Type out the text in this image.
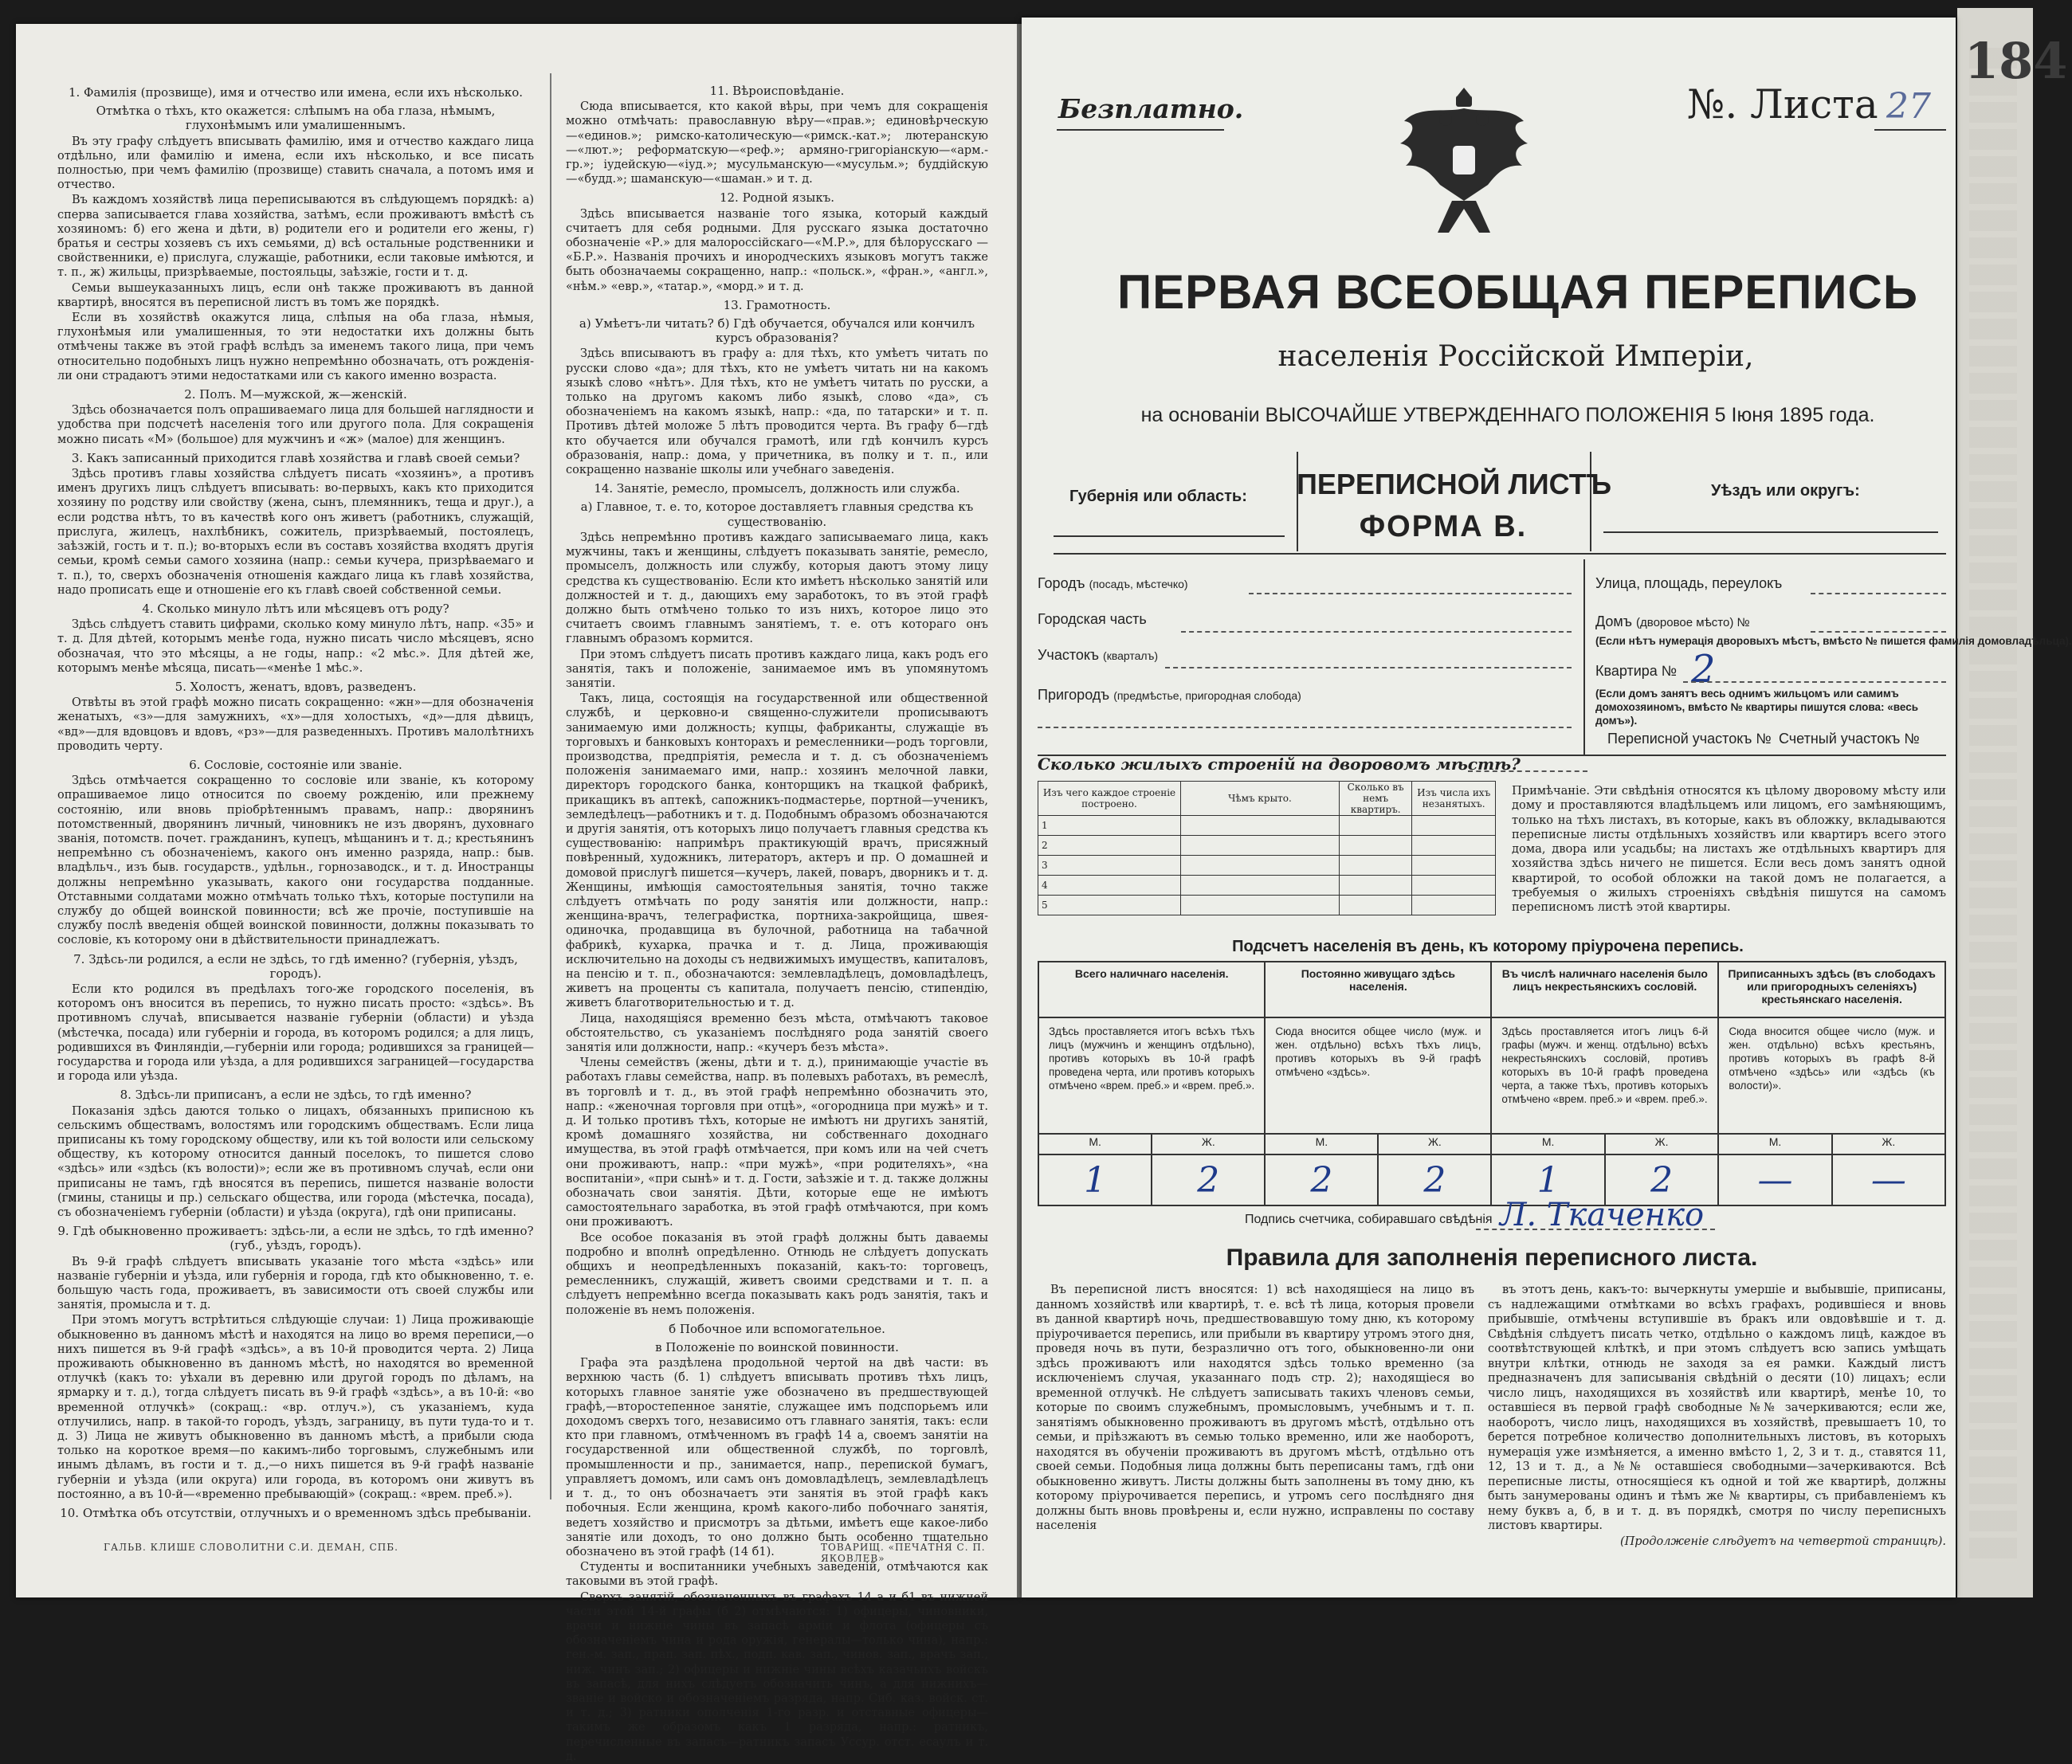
1. Фамилія (прозвище), имя и отчество или имена, если ихъ нѣсколько.
Отмѣтка о тѣхъ, кто окажется: слѣпымъ на оба глаза, нѣмымъ, глухонѣмымъ или умалишеннымъ.

Въ эту графу слѣдуетъ вписывать фамилію, имя и отчество каждаго лица отдѣльно, или фамилію и имена, если ихъ нѣсколько, и все писать полностью, при чемъ фамилію (прозвище) ставить сначала, а потомъ имя и отчество.

Въ каждомъ хозяйствѣ лица переписываются въ слѣдующемъ порядкѣ: а) сперва записывается глава хозяйства, затѣмъ, если проживаютъ вмѣстѣ съ хозяиномъ: б) его жена и дѣти, в) родители его и родители его жены, г) братья и сестры хозяевъ съ ихъ семьями, д) всѣ остальные родственники и свойственники, е) прислуга, служащіе, работники, если таковые имѣются, и т. п., ж) жильцы, призрѣваемые, постояльцы, заѣзжіе, гости и т. д.

Семьи вышеуказанныхъ лицъ, если онѣ также проживаютъ въ данной квартирѣ, вносятся въ переписной листъ въ томъ же порядкѣ.

Если въ хозяйствѣ окажутся лица, слѣпыя на оба глаза, нѣмыя, глухонѣмыя или умалишенныя, то эти недостатки ихъ должны быть отмѣчены также въ этой графѣ вслѣдъ за именемъ такого лица, при чемъ относительно подобныхъ лицъ нужно непремѣнно обозначать, отъ рожденія-ли они страдаютъ этими недостатками или съ какого именно возраста.

2. Полъ. М—мужской, ж—женскій.

Здѣсь обозначается полъ опрашиваемаго лица для большей наглядности и удобства при подсчетѣ населенія того или другого пола. Для сокращенія можно писать «М» (большое) для мужчинъ и «ж» (малое) для женщинъ.

3. Какъ записанный приходится главѣ хозяйства и главѣ своей семьи?

Здѣсь противъ главы хозяйства слѣдуетъ писать «хозяинъ», а противъ именъ другихъ лицъ слѣдуетъ вписывать: во-первыхъ, какъ кто приходится хозяину по родству или свойству (жена, сынъ, племянникъ, теща и друг.), а если родства нѣтъ, то въ качествѣ кого онъ живетъ (работникъ, служащій, прислуга, жилецъ, нахлѣбникъ, сожитель, призрѣваемый, постоялецъ, заѣзжій, гость и т. п.); во-вторыхъ если въ составъ хозяйства входятъ другія семьи, кромѣ семьи самого хозяина (напр.: семьи кучера, призрѣваемаго и т. п.), то, сверхъ обозначенія отношенія каждаго лица къ главѣ хозяйства, надо прописать еще и отношеніе его къ главѣ своей собственной семьи.

4. Сколько минуло лѣтъ или мѣсяцевъ отъ роду?

Здѣсь слѣдуетъ ставить цифрами, сколько кому минуло лѣтъ, напр. «35» и т. д. Для дѣтей, которымъ менѣе года, нужно писать число мѣсяцевъ, ясно обозначая, что это мѣсяцы, а не годы, напр.: «2 мѣс.». Для дѣтей же, которымъ менѣе мѣсяца, писать—«менѣе 1 мѣс.».

5. Холостъ, женатъ, вдовъ, разведенъ.

Отвѣты въ этой графѣ можно писать сокращенно: «жн»—для обозначенія женатыхъ, «з»—для замужнихъ, «х»—для холостыхъ, «д»—для дѣвицъ, «вд»—для вдовцовъ и вдовъ, «рз»—для разведенныхъ. Противъ малолѣтнихъ проводить черту.

6. Сословіе, состояніе или званіе.

Здѣсь отмѣчается сокращенно то сословіе или званіе, къ которому опрашиваемое лицо относится по своему рожденію, или прежнему состоянію, или вновь пріобрѣтеннымъ правамъ, напр.: дворянинъ потомственный, дворянинъ личный, чиновникъ не изъ дворянъ, духовнаго званія, потомств. почет. гражданинъ, купецъ, мѣщанинъ и т. д.; крестьянинъ непремѣнно съ обозначеніемъ, какого онъ именно разряда, напр.: быв. владѣльч., изъ быв. государств., удѣльн., горнозаводск., и т. д. Иностранцы должны непремѣнно указывать, какого они государства подданные. Отставными солдатами можно отмѣчать только тѣхъ, которые поступили на службу до общей воинской повинности; всѣ же прочіе, поступившіе на службу послѣ введенія общей воинской повинности, должны показывать то сословіе, къ которому они в дѣйствительности принадлежатъ.

7. Здѣсь-ли родился, а если не здѣсь, то гдѣ именно? (губернія, уѣздъ, городъ).

Если кто родился въ предѣлахъ того-же городского поселенія, въ которомъ онъ вносится въ перепись, то нужно писать просто: «здѣсь». Въ противномъ случаѣ, вписывается названіе губерніи (области) и уѣзда (мѣстечка, посада) или губерніи и города, въ которомъ родился; а для лицъ, родившихся въ Финляндіи,—губерніи или города; родившихся за границей—государства и города или уѣзда, а для родившихся заграницей—государства и города или уѣзда.

8. Здѣсь-ли приписанъ, а если не здѣсь, то гдѣ именно?

Показанія здѣсь даются только о лицахъ, обязанныхъ приписною къ сельскимъ обществамъ, волостямъ или городскимъ обществамъ. Если лица приписаны къ тому городскому обществу, или къ той волости или сельскому обществу, къ которому относится данный поселокъ, то пишется слово «здѣсь» или «здѣсь (къ волости)»; если же въ противномъ случаѣ, если они приписаны не тамъ, гдѣ вносятся въ перепись, пишется названіе волости (гмины, станицы и пр.) сельскаго общества, или города (мѣстечка, посада), съ обозначеніемъ губерніи (области) и уѣзда (округа), гдѣ они приписаны.

9. Гдѣ обыкновенно проживаетъ: здѣсь-ли, а если не здѣсь, то гдѣ именно? (губ., уѣздъ, городъ).

Въ 9-й графѣ слѣдуетъ вписывать указаніе того мѣста «здѣсь» или названіе губерніи и уѣзда, или губернія и города, гдѣ кто обыкновенно, т. е. большую часть года, проживаетъ, въ зависимости отъ своей службы или занятія, промысла и т. д.

При этомъ могутъ встрѣтиться слѣдующіе случаи: 1) Лица проживающіе обыкновенно въ данномъ мѣстѣ и находятся на лицо во время переписи,—о нихъ пишется въ 9-й графѣ «здѣсь», а въ 10-й проводится черта. 2) Лица проживають обыкновенно въ данномъ мѣстѣ, но находятся во временной отлучкѣ (какъ то: уѣхали въ деревню или другой городъ по дѣламъ, на ярмарку и т. д.), тогда слѣдуетъ писать въ 9-й графѣ «здѣсь», а въ 10-й: «во временной отлучкѣ» (сокращ.: «вр. отлуч.»), съ указаніемъ, куда отлучились, напр. в такой-то городъ, уѣздъ, заграницу, въ пути туда-то и т. д. 3) Лица не живутъ обыкновенно въ данномъ мѣстѣ, а прибыли сюда только на короткое время—по какимъ-либо торговымъ, служебнымъ или инымъ дѣламъ, въ гости и т. д.,—о нихъ пишется въ 9-й графѣ названіе губерніи и уѣзда (или округа) или города, въ которомъ они живутъ въ постоянно, а въ 10-й—«временно пребывающій» (сокращ.: «врем. преб.»).

10. Отмѣтка объ отсутствіи, отлучныхъ и о временномъ здѣсь пребываніи.
11. Вѣроисповѣданіе.

Сюда вписывается, кто какой вѣры, при чемъ для сокращенія можно отмѣчать: православную вѣру—«прав.»; единовѣрческую—«единов.»; римско-католическую—«римск.-кат.»; лютеранскую—«лют.»; реформатскую—«реф.»; армяно-григоріанскую—«арм.-гр.»; іудейскую—«іуд.»; мусульманскую—«мусульм.»; буддійскую—«будд.»; шаманскую—«шаман.» и т. д.

12. Родной языкъ.

Здѣсь вписывается названіе того языка, который каждый считаетъ для себя родными. Для русскаго языка достаточно обозначеніе «Р.» для малороссійскаго—«М.Р.», для бѣлорусскаго — «Б.Р.». Названія прочихъ и инородческихъ языковъ могутъ также быть обозначаемы сокращенно, напр.: «польск.», «фран.», «англ.», «нѣм.» «евр.», «татар.», «морд.» и т. д.

13. Грамотность.
а) Умѣетъ-ли читать? б) Гдѣ обучается, обучался или кончилъ курсъ образованія?

Здѣсь вписываютъ въ графу а: для тѣхъ, кто умѣетъ читать по русски слово «да»; для тѣхъ, кто не умѣетъ читать ни на какомъ языкѣ слово «нѣтъ». Для тѣхъ, кто не умѣетъ читать по русски, а только на другомъ какомъ либо языкѣ, слово «да», съ обозначеніемъ на какомъ языкѣ, напр.: «да, по татарски» и т. п. Противъ дѣтей моложе 5 лѣтъ проводится черта. Въ графу б—гдѣ кто обучается или обучался грамотѣ, или гдѣ кончилъ курсъ образованія, напр.: дома, у причетника, въ полку и т. п., или сокращенно названіе школы или учебнаго заведенія.

14. Занятіе, ремесло, промыселъ, должность или служба.
а) Главное, т. е. то, которое доставляетъ главныя средства къ существованію.

Здѣсь непремѣнно противъ каждаго записываемаго лица, какъ мужчины, такъ и женщины, слѣдуетъ показывать занятіе, ремесло, промыселъ, должность или службу, которыя даютъ этому лицу средства къ существованію. Если кто имѣетъ нѣсколько занятій или должностей и т. д., дающихъ ему заработокъ, то въ этой графѣ должно быть отмѣчено только то изъ нихъ, которое лицо это считаетъ своимъ главнымъ занятіемъ, т. е. отъ котораго онъ главнымъ образомъ кормится.

При этомъ слѣдуетъ писать противъ каждаго лица, какъ родъ его занятія, такъ и положеніе, занимаемое имъ въ упомянутомъ занятіи.

Такъ, лица, состоящія на государственной или общественной службѣ, и церковно-и священно-служители прописываютъ занимаемую ими должность; купцы, фабриканты, служащіе въ торговыхъ и банковыхъ конторахъ и ремесленники—родъ торговли, производства, предпріятія, ремесла и т. д. съ обозначеніемъ положенія занимаемаго ими, напр.: хозяинъ мелочной лавки, директоръ городского банка, конторщикъ на ткацкой фабрикѣ, прикащикъ въ аптекѣ, сапожникъ-подмастерье, портной—ученикъ, земледѣлецъ—работникъ и т. д. Подобнымъ образомъ обозначаются и другія занятія, отъ которыхъ лицо получаетъ главныя средства къ существованію: напримѣръ практикующій врачъ, присяжный повѣренный, художникъ, литераторъ, актеръ и пр. О домашней и домовой прислугѣ пишется—кучеръ, лакей, поваръ, дворникъ и т. д. Женщины, имѣющія самостоятельныя занятія, точно также слѣдуетъ отмѣчать по роду занятія или должности, напр.: женщина-врачъ, телеграфистка, портниха-закройщица, швея-одиночка, продавщица въ булочной, работница на табачной фабрикѣ, кухарка, прачка и т. д. Лица, проживающія исключительно на доходы съ недвижимыхъ имуществъ, капиталовъ, на пенсію и т. п., обозначаются: землевладѣлецъ, домовладѣлецъ, живетъ на проценты съ капитала, получаетъ пенсію, стипендію, живетъ благотворительностью и т. д.

Лица, находящіяся временно безъ мѣста, отмѣчаютъ таковое обстоятельство, съ указаніемъ послѣдняго рода занятій своего занятія или должности, напр.: «кучеръ безъ мѣста».

Члены семействъ (жены, дѣти и т. д.), принимающіе участіе въ работахъ главы семейства, напр. въ полевыхъ работахъ, въ ремеслѣ, въ торговлѣ и т. д., въ этой графѣ непремѣнно обозначить это, напр.: «женочная торговля при отцѣ», «огородница при мужѣ» и т. д. И только противъ тѣхъ, которые не имѣютъ ни другихъ занятій, кромѣ домашняго хозяйства, ни собственнаго доходнаго имущества, въ этой графѣ отмѣчается, при комъ или на чей счетъ они проживаютъ, напр.: «при мужѣ», «при родителяхъ», «на воспитаніи», «при сынѣ» и т. д. Гости, заѣзжіе и т. д. также должны обозначать свои занятія. Дѣти, которые еще не имѣютъ самостоятельнаго заработка, въ этой графѣ отмѣчаются, при комъ они проживаютъ.

Все особое показанія въ этой графѣ должны быть даваемы подробно и вполнѣ опредѣленно. Отнюдь не слѣдуетъ допускать общихъ и неопредѣленныхъ показаній, какъ-то: торговецъ, ремесленникъ, служащій, живетъ своими средствами и т. п. а слѣдуетъ непремѣнно всегда показывать какъ родъ занятія, такъ и положеніе въ немъ положенія.

б Побочное или вспомогательное.
в Положеніе по воинской повинности.

Графа эта раздѣлена продольной чертой на двѣ части: въ верхнюю часть (б. 1) слѣдуетъ вписывать противъ тѣхъ лицъ, которыхъ главное занятіе уже обозначено въ предшествующей графѣ,—второстепенное занятіе, служащее имъ подспорьемъ или доходомъ сверхъ того, независимо отъ главнаго занятія, такъ: если кто при главномъ, отмѣченномъ въ графѣ 14 а, своемъ занятіи на государственной или общественной службѣ, по торговлѣ, промышленности и пр., занимается, напр., перепиской бумагъ, управляетъ домомъ, или самъ онъ домовладѣлецъ, землевладѣлецъ и т. д., то онъ обозначаетъ эти занятія въ этой графѣ какъ побочныя. Если женщина, кромѣ какого-либо побочнаго занятія, ведетъ хозяйство и присмотръ за дѣтьми, имѣетъ еще какое-либо занятіе или доходъ, то оно должно быть особенно тщательно обозначено въ этой графѣ (14 б1).

Студенты и воспитанники учебныхъ заведеній, отмѣчаются как таковыми въ этой графѣ.

Сверхъ занятій, обозначенныхъ въ графахъ 14 а и б1 въ нижней части этой 14-й графы (б 2) отмѣчаются: 1) офицеры, чиновники, врачи и нижніе чины въ запасѣ арміи и флота (офицеры съ обозначеніемъ чина и рода оружія, генералы—только чина), напр.: ген.-м. зап., прап. зап. пѣх., подп. кав. зап., чинов. зап., врачъ зап., ниж. чинъ зап.; 2) офицеры и нижніе чины всѣхъ казачьихъ войскъ въ запасѣ, для нихъ слѣдуетъ обозначить чинъ, а для нижнихъ—званіе и войско и обозначеніемъ разряда, напр. Сиб. каз. войск. ст. и т. д.; 3) ратники ополченія 1-го разр. и отставные офицеры—такимъ же образомъ какъ 1 разряда, напр.: ратникъ, перечисленные въ запасъ—ратникъ запасъ Уссур. отст. есаулъ и т. д.

ГАЛЬВ. КЛИШЕ СЛОВОЛИТНИ С.И. ДЕМАН, СПБ.	ТОВАРИЩ. «ПЕЧАТНЯ С. П. ЯКОВЛЕВ»
Безплатно.	№. Листа 27
ПЕРВАЯ ВСЕОБЩАЯ ПЕРЕПИСЬ
населенія Россійской Имперіи,
на основаніи ВЫСОЧАЙШЕ УТВЕРЖДЕННАГО ПОЛОЖЕНІЯ 5 Іюня 1895 года.
Губернія или область: ПЕРЕПИСНОЙ ЛИСТЪ
ФОРМА В.
Уѣздъ или округъ:
Городъ (посадъ, мѣстечко)
Городская часть
Участокъ (кварталъ)
Пригородъ (предмѣстье, пригородная слобода)
Улица, площадь, переулокъ
Домъ (дворовое мѣсто) №
(Если нѣтъ нумерація дворовыхъ мѣстъ, вмѣсто № пишется фамилія домовладѣльца).
Квартира № 2
(Если домъ занятъ весь однимъ жильцомъ или самимъ домохозяиномъ, вмѣсто № квартиры пишутся слова: «весь домъ»).
Переписной участокъ № Счетный участокъ №
Сколько жилыхъ строеній на дворовомъ мѣстѣ?
Изъ чего каждое строеніе построено.	Чѣмъ крыто.	Сколько въ немъ квартиръ.	Изъ числа ихъ незанятыхъ.
1			
2			
3			
4			
5			
Примѣчаніе. Эти свѣдѣнія относятся къ цѣлому дворовому мѣсту или дому и проставляются владѣльцемъ или лицомъ, его замѣняющимъ, только на тѣхъ листахъ, въ которые, какъ въ обложку, вкладываются переписные листы отдѣльныхъ хозяйствъ или квартиръ всего этого дома, двора или усадьбы; на листахъ же отдѣльныхъ квартиръ для хозяйства здѣсь ничего не пишется. Если весь домъ занятъ одной квартирой, то особой обложки на такой домъ не полагается, а требуемыя о жилыхъ строеніяхъ свѣдѣнія пишутся на самомъ переписномъ листѣ этой квартиры.
Подсчетъ населенія въ день, къ которому пріурочена перепись.
Всего наличнаго населенія.		Постоянно живущаго здѣсь населенія.		Въ числѣ наличнаго населенія было лицъ некрестьянскихъ сословій.		Приписанныхъ здѣсь (въ слободахъ или пригородныхъ селеніяхъ) крестьянскаго населенія.	
Здѣсь проставляется итогъ всѣхъ тѣхъ лицъ (мужчинъ и женщинъ отдѣльно), противъ которыхъ въ 10-й графѣ проведена черта, или противъ которыхъ отмѣчено «врем. преб.» и «врем. преб.».		Сюда вносится общее число (муж. и жен. отдѣльно) всѣхъ тѣхъ лицъ, противъ которыхъ въ 9-й графѣ отмѣчено «здѣсь».		Здѣсь проставляется итогъ лицъ 6-й графы (мужч. и женщ. отдѣльно) всѣхъ некрестьянскихъ сословій, противъ которыхъ въ 10-й графѣ проведена черта, а также тѣхъ, противъ которыхъ отмѣчено «врем. преб.» и «врем. преб.».		Сюда вносится общее число (муж. и жен. отдѣльно) всѣхъ крестьянъ, противъ которыхъ въ графѣ 8-й отмѣчено «здѣсь» или «здѣсь (къ волости)».	
М.	Ж.	М.	Ж.	М.	Ж.	М.	Ж.
1	2	2	2	1	2	—	—
Подпись счетчика, собиравшаго свѣдѣнія Л. Ткаченко
Правила для заполненія переписного листа.

Въ переписной листъ вносятся: 1) всѣ находящіеся на лицо въ данномъ хозяйствѣ или квартирѣ, т. е. всѣ тѣ лица, которыя провели въ данной квартирѣ ночь, предшествовавшую тому дню, къ которому пріурочивается перепись, или прибыли въ квартиру утромъ этого дня, проведя ночь въ пути, безразлично отъ того, обыкновенно-ли они здѣсь проживаютъ или находятся здѣсь только временно (за исключеніемъ случая, указаннаго подъ стр. 2); находящіеся во временной отлучкѣ. Не слѣдуетъ записывать такихъ членовъ семьи, которые по своимъ служебнымъ, промысловымъ, учебнымъ и т. п. занятіямъ обыкновенно проживаютъ въ другомъ мѣстѣ, отдѣльно отъ семьи, и пріѣзжаютъ въ семью только временно, или же наоборотъ, находятся въ обученіи проживаютъ въ другомъ мѣстѣ, отдѣльно отъ своей семьи. Подобныя лица должны быть переписаны тамъ, гдѣ они обыкновенно живутъ. Листы должны быть заполнены въ тому дню, къ которому пріурочивается перепись, и утромъ сего послѣдняго дня должны быть вновь провѣрены и, если нужно, исправлены по составу населенія

въ этотъ день, какъ-то: вычеркнуты умершіе и выбывшіе, приписаны, съ надлежащими отмѣтками во всѣхъ графахъ, родившіеся и вновь прибывшіе, отмѣчены вступившіе въ бракъ или овдовѣвшіе и т. д. Свѣдѣнія слѣдуетъ писать четко, отдѣльно о каждомъ лицѣ, каждое въ соотвѣтствующей клѣткѣ, и при этомъ слѣдуетъ всю запись умѣщать внутри клѣтки, отнюдь не заходя за ея рамки. Каждый листъ предназначенъ для записыванія свѣдѣній о десяти (10) лицахъ; если число лицъ, находящихся въ хозяйствѣ или квартирѣ, менѣе 10, то оставшіеся въ первой графѣ свободные №№ зачеркиваются; если же, наоборотъ, число лицъ, находящихся въ хозяйствѣ, превышаетъ 10, то берется потребное количество дополнительныхъ листовъ, въ которыхъ нумерація уже измѣняется, а именно вмѣсто 1, 2, 3 и т. д., ставятся 11, 12, 13 и т. д., а №№ оставшіеся свободными—зачеркиваются. Всѣ переписные листы, относящіеся къ одной и той же квартирѣ, должны быть занумерованы одинъ и тѣмъ же № квартиры, съ прибавленіемъ къ нему буквъ а, б, в и т. д. въ порядкѣ, смотря по числу переписныхъ листовъ квартиры.

(Продолженіе слѣдуетъ на четвертой страницѣ).

184
